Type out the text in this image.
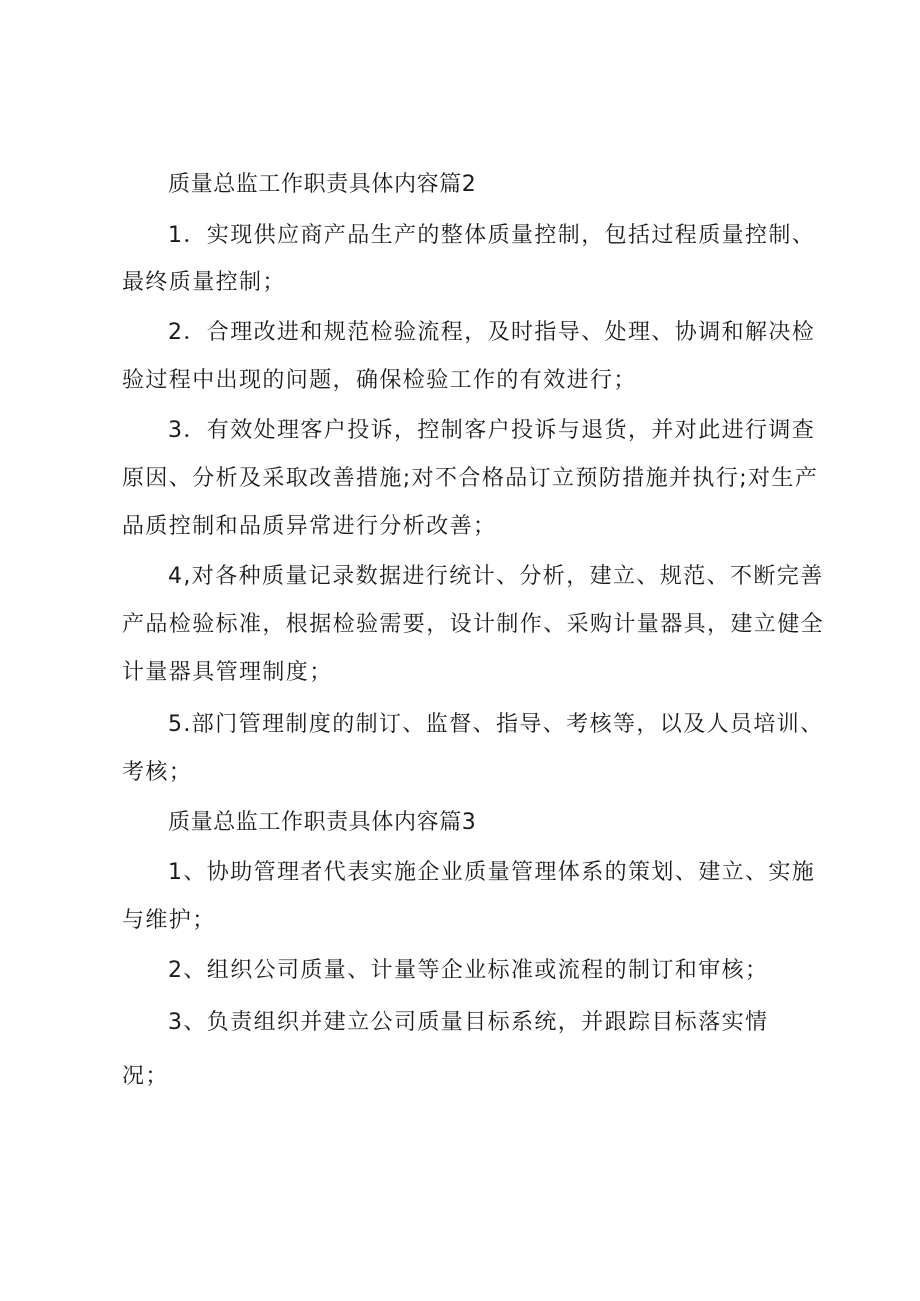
质量总监工作职责具体内容篇2
1．实现供应商产品生产的整体质量控制，包括过程质量控制、
最终质量控制；
2．合理改进和规范检验流程，及时指导、处理、协调和解决检
验过程中出现的问题，确保检验工作的有效进行；
3．有效处理客户投诉，控制客户投诉与退货，并对此进行调查
原因、分析及采取改善措施;对不合格品订立预防措施并执行;对生产
品质控制和品质异常进行分析改善；
4,对各种质量记录数据进行统计、分析，建立、规范、不断完善
产品检验标准，根据检验需要，设计制作、采购计量器具，建立健全
计量器具管理制度；
5.部门管理制度的制订、监督、指导、考核等，以及人员培训、
考核；
质量总监工作职责具体内容篇3
1、协助管理者代表实施企业质量管理体系的策划、建立、实施
与维护；
2、组织公司质量、计量等企业标准或流程的制订和审核；
3、负责组织并建立公司质量目标系统，并跟踪目标落实情
况；
